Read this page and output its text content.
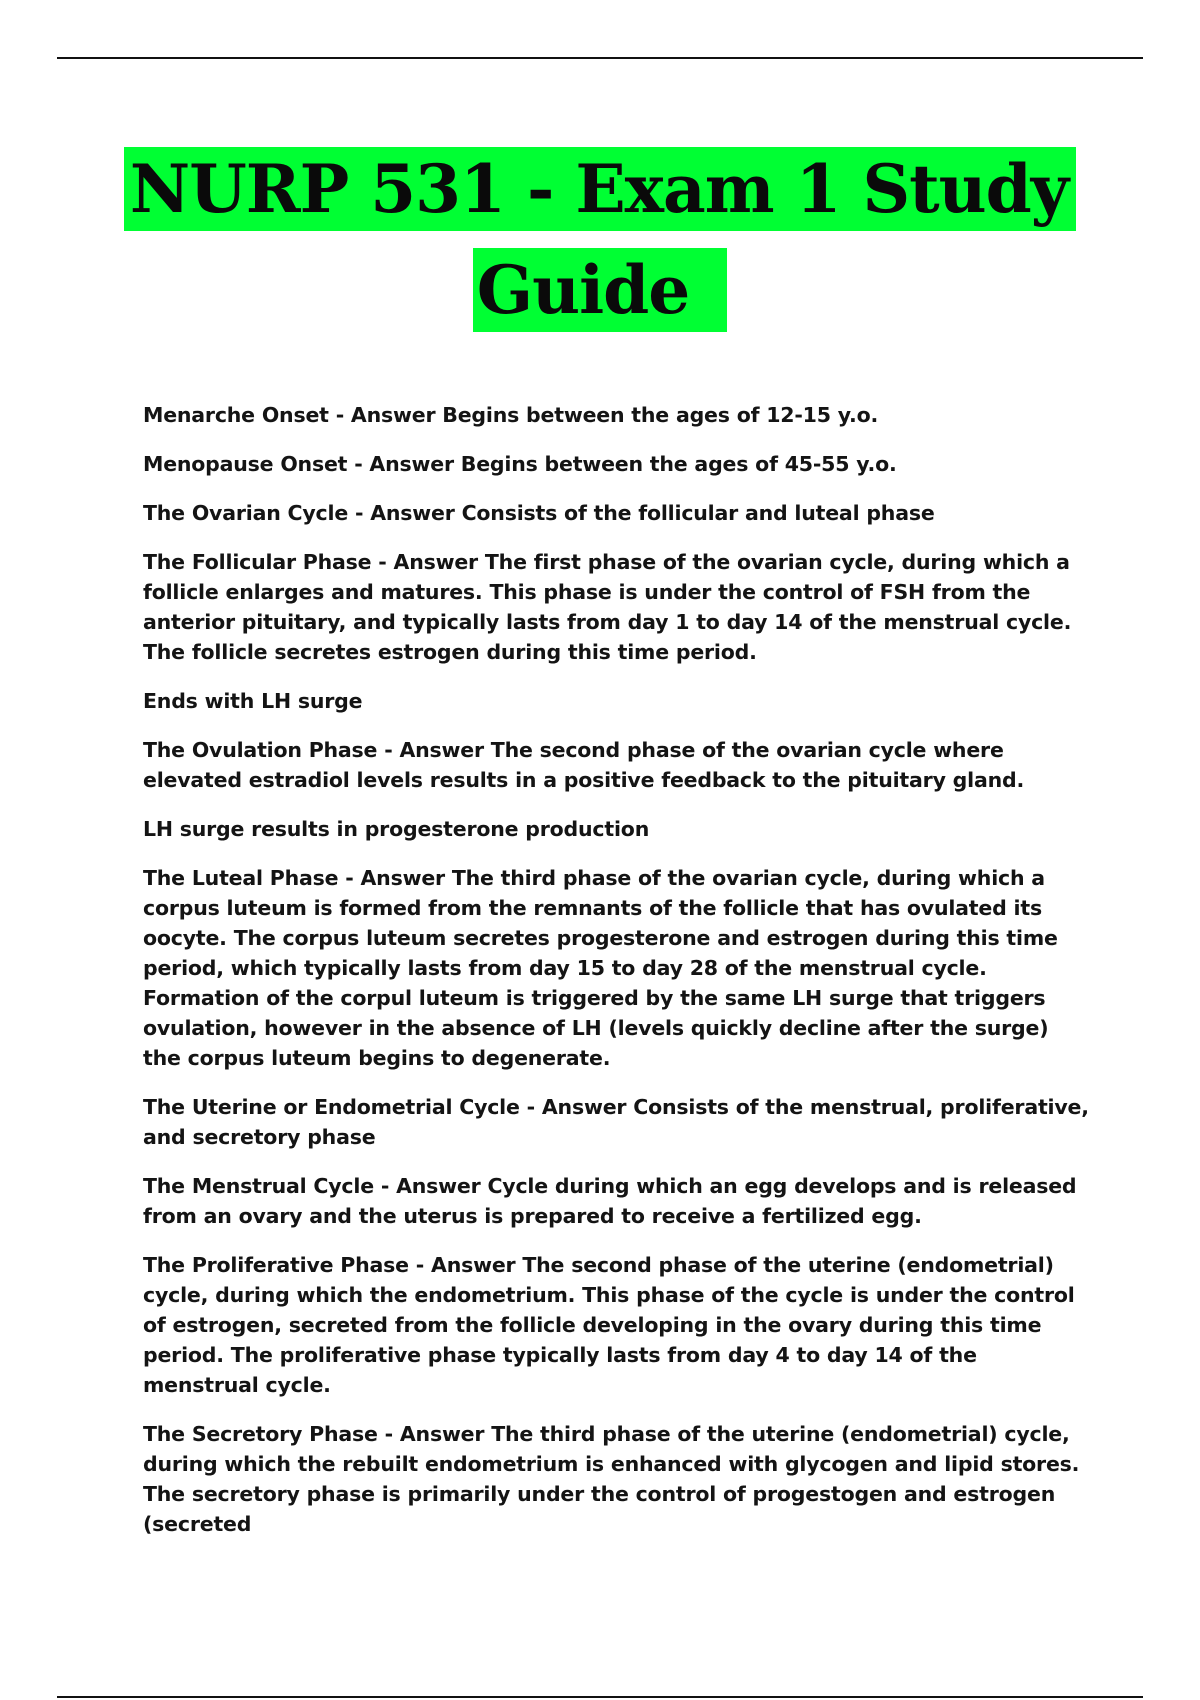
NURP 531 - Exam 1 Study
Guide

Menarche Onset - Answer Begins between the ages of 12-15 y.o.

Menopause Onset - Answer Begins between the ages of 45-55 y.o.

The Ovarian Cycle - Answer Consists of the follicular and luteal phase

The Follicular Phase - Answer The first phase of the ovarian cycle, during which a follicle enlarges and matures. This phase is under the control of FSH from the anterior pituitary, and typically lasts from day 1 to day 14 of the menstrual cycle. The follicle secretes estrogen during this time period.

Ends with LH surge

The Ovulation Phase - Answer The second phase of the ovarian cycle where elevated estradiol levels results in a positive feedback to the pituitary gland.

LH surge results in progesterone production

The Luteal Phase - Answer The third phase of the ovarian cycle, during which a corpus luteum is formed from the remnants of the follicle that has ovulated its oocyte. The corpus luteum secretes progesterone and estrogen during this time period, which typically lasts from day 15 to day 28 of the menstrual cycle. Formation of the corpul luteum is triggered by the same LH surge that triggers ovulation, however in the absence of LH (levels quickly decline after the surge) the corpus luteum begins to degenerate.

The Uterine or Endometrial Cycle - Answer Consists of the menstrual, proliferative, and secretory phase

The Menstrual Cycle - Answer Cycle during which an egg develops and is released from an ovary and the uterus is prepared to receive a fertilized egg.

The Proliferative Phase - Answer The second phase of the uterine (endometrial) cycle, during which the endometrium. This phase of the cycle is under the control of estrogen, secreted from the follicle developing in the ovary during this time period. The proliferative phase typically lasts from day 4 to day 14 of the menstrual cycle.

The Secretory Phase - Answer The third phase of the uterine (endometrial) cycle, during which the rebuilt endometrium is enhanced with glycogen and lipid stores. The secretory phase is primarily under the control of progestogen and estrogen (secreted
